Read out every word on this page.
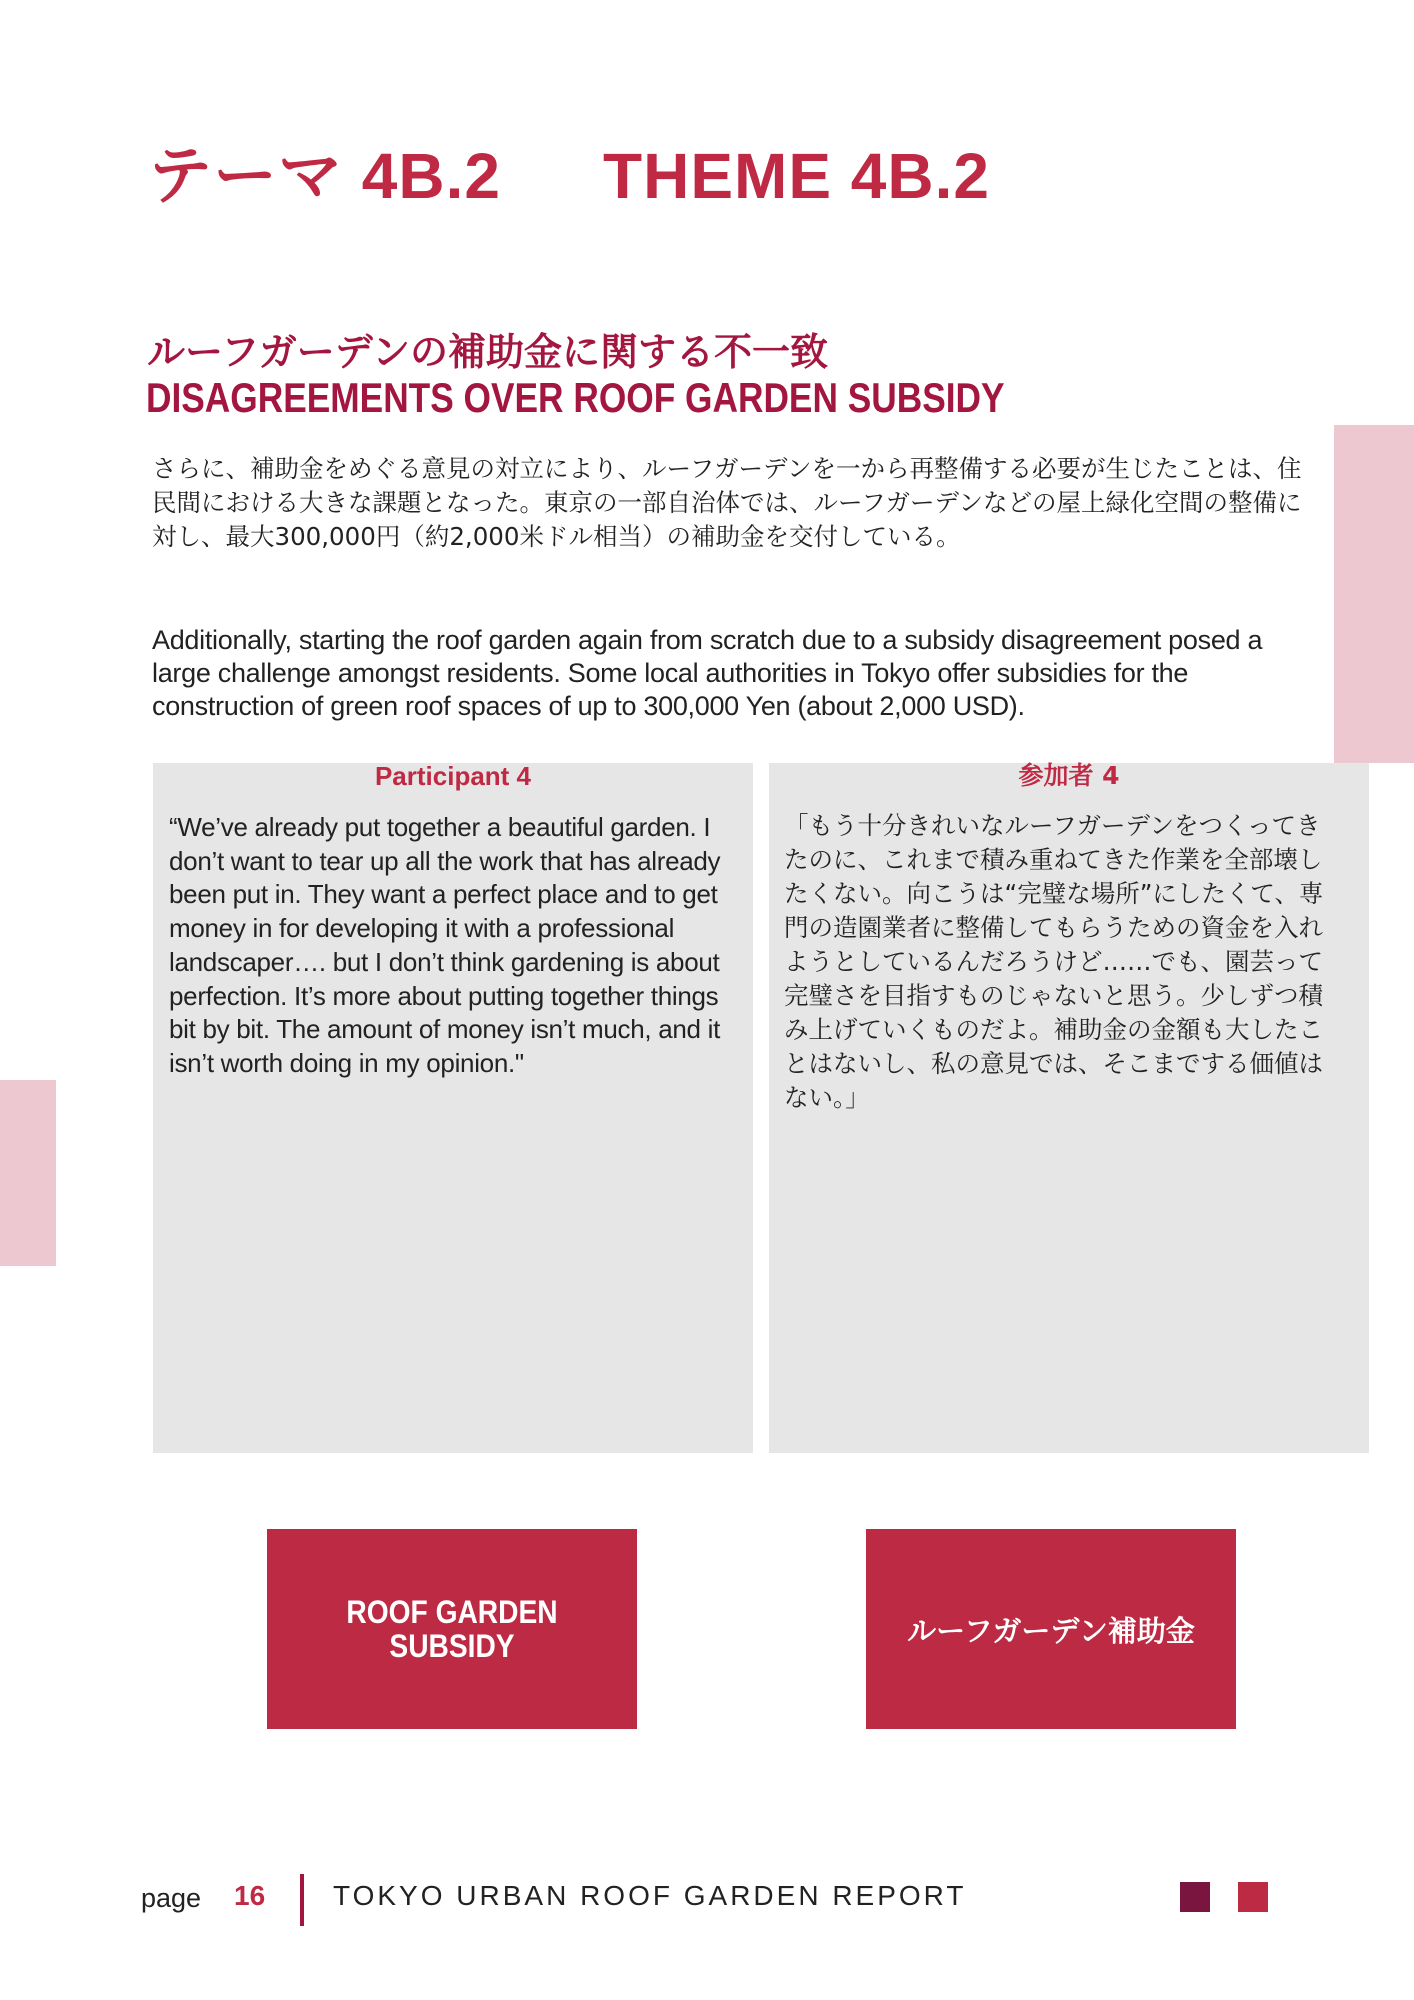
テーマ 4B.2 THEME 4B.2
ルーフガーデンの補助金に関する不一致
DISAGREEMENTS OVER ROOF GARDEN SUBSIDY

さらに、補助金をめぐる意見の対立により、ルーフガーデンを一から再整備する必要が生じたことは、住民間における大きな課題となった。東京の一部自治体では、ルーフガーデンなどの屋上緑化空間の整備に対し、最大300,000円（約2,000米ドル相当）の補助金を交付している。

Additionally, starting the roof garden again from scratch due to a subsidy disagreement posed a large challenge amongst residents. Some local authorities in Tokyo offer subsidies for the construction of green roof spaces of up to 300,000 Yen (about 2,000 USD).

Participant 4

“We’ve already put together a beautiful garden. I don’t want to tear up all the work that has already been put in. They want a perfect place and to get money in for developing it with a professional landscaper…. but I don’t think gardening is about perfection. It’s more about putting together things bit by bit. The amount of money isn’t much, and it isn’t worth doing in my opinion."

参加者 4

「もう十分きれいなルーフガーデンをつくってきたのに、これまで積み重ねてきた作業を全部壊したくない。向こうは“完璧な場所”にしたくて、専門の造園業者に整備してもらうための資金を入れようとしているんだろうけど……でも、園芸って完璧さを目指すものじゃないと思う。少しずつ積み上げていくものだよ。補助金の金額も大したことはないし、私の意見では、そこまでする価値はない。」

ROOF GARDEN SUBSIDY	ルーフガーデン補助金
page 16 TOKYO URBAN ROOF GARDEN REPORT
